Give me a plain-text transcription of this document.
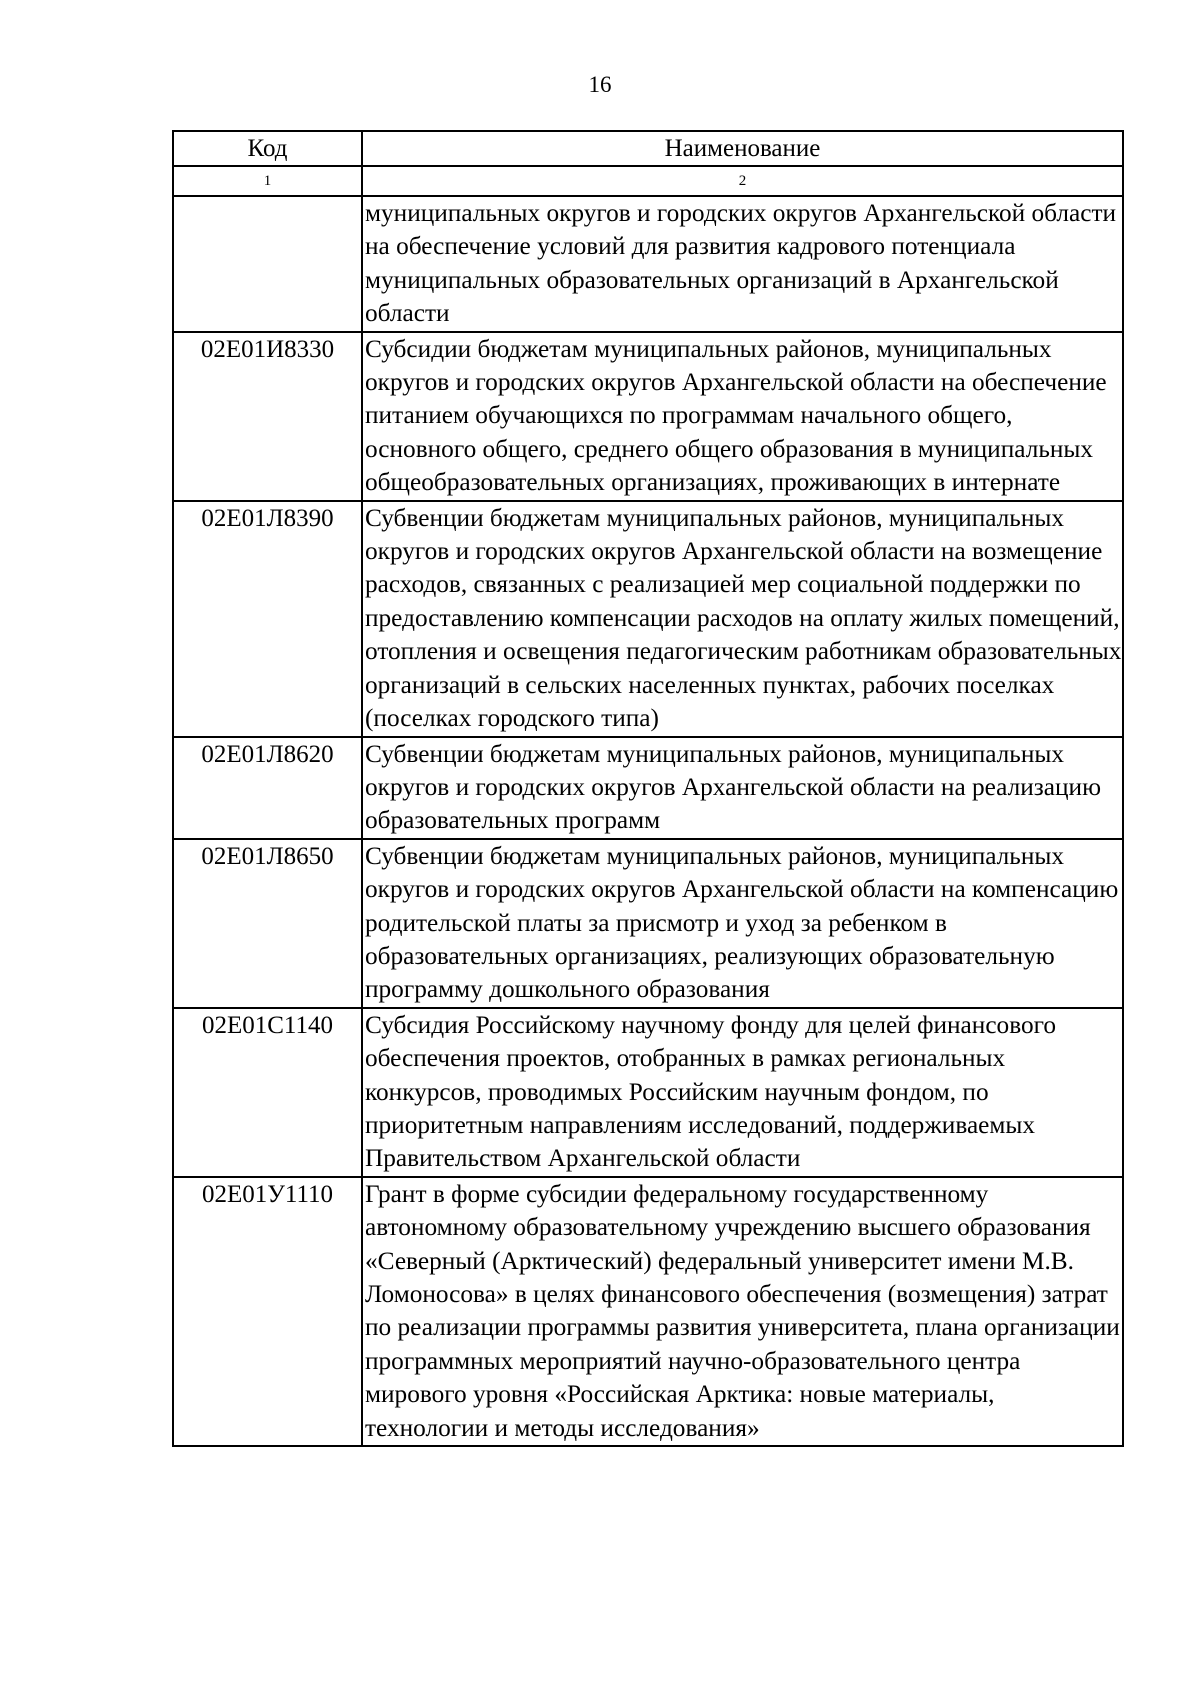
16
Код	Наименование
1	2
	муниципальных округов и городских округов Архангельской области на обеспечение условий для развития кадрового потенциала муниципальных образовательных организаций в Архангельской области
02Е01И8330	Субсидии бюджетам муниципальных районов, муниципальных округов и городских округов Архангельской области на обеспечение питанием обучающихся по программам начального общего, основного общего, среднего общего образования в муниципальных общеобразовательных организациях, проживающих в интернате
02Е01Л8390	Субвенции бюджетам муниципальных районов, муниципальных округов и городских округов Архангельской области на возмещение расходов, связанных с реализацией мер социальной поддержки по предоставлению компенсации расходов на оплату жилых помещений, отопления и освещения педагогическим работникам образовательных организаций в сельских населенных пунктах, рабочих поселках (поселках городского типа)
02Е01Л8620	Субвенции бюджетам муниципальных районов, муниципальных округов и городских округов Архангельской области на реализацию образовательных программ
02Е01Л8650	Субвенции бюджетам муниципальных районов, муниципальных округов и городских округов Архангельской области на компенсацию родительской платы за присмотр и уход за ребенком в образовательных организациях, реализующих образовательную программу дошкольного образования
02Е01С1140	Субсидия Российскому научному фонду для целей финансового обеспечения проектов, отобранных в рамках региональных конкурсов, проводимых Российским научным фондом, по приоритетным направлениям исследований, поддерживаемых Правительством Архангельской области
02Е01У1110	Грант в форме субсидии федеральному государственному автономному образовательному учреждению высшего образования «Северный (Арктический) федеральный университет имени М.В. Ломоносова» в целях финансового обеспечения (возмещения) затрат по реализации программы развития университета, плана организации программных мероприятий научно-образовательного центра мирового уровня «Российская Арктика: новые материалы, технологии и методы исследования»
